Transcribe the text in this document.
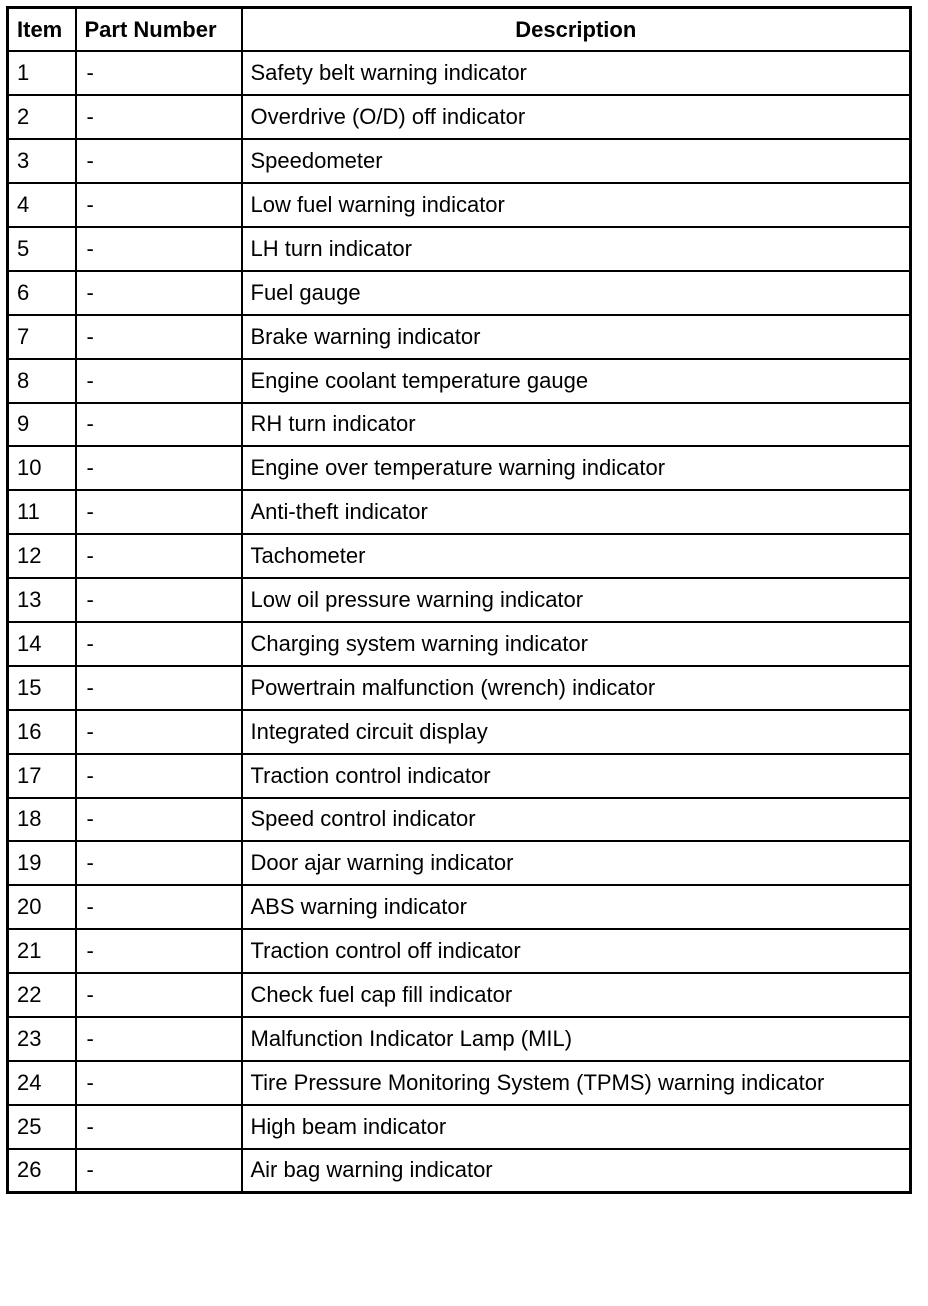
Item	Part Number	Description
1	-	Safety belt warning indicator
2	-	Overdrive (O/D) off indicator
3	-	Speedometer
4	-	Low fuel warning indicator
5	-	LH turn indicator
6	-	Fuel gauge
7	-	Brake warning indicator
8	-	Engine coolant temperature gauge
9	-	RH turn indicator
10	-	Engine over temperature warning indicator
11	-	Anti-theft indicator
12	-	Tachometer
13	-	Low oil pressure warning indicator
14	-	Charging system warning indicator
15	-	Powertrain malfunction (wrench) indicator
16	-	Integrated circuit display
17	-	Traction control indicator
18	-	Speed control indicator
19	-	Door ajar warning indicator
20	-	ABS warning indicator
21	-	Traction control off indicator
22	-	Check fuel cap fill indicator
23	-	Malfunction Indicator Lamp (MIL)
24	-	Tire Pressure Monitoring System (TPMS) warning indicator
25	-	High beam indicator
26	-	Air bag warning indicator
